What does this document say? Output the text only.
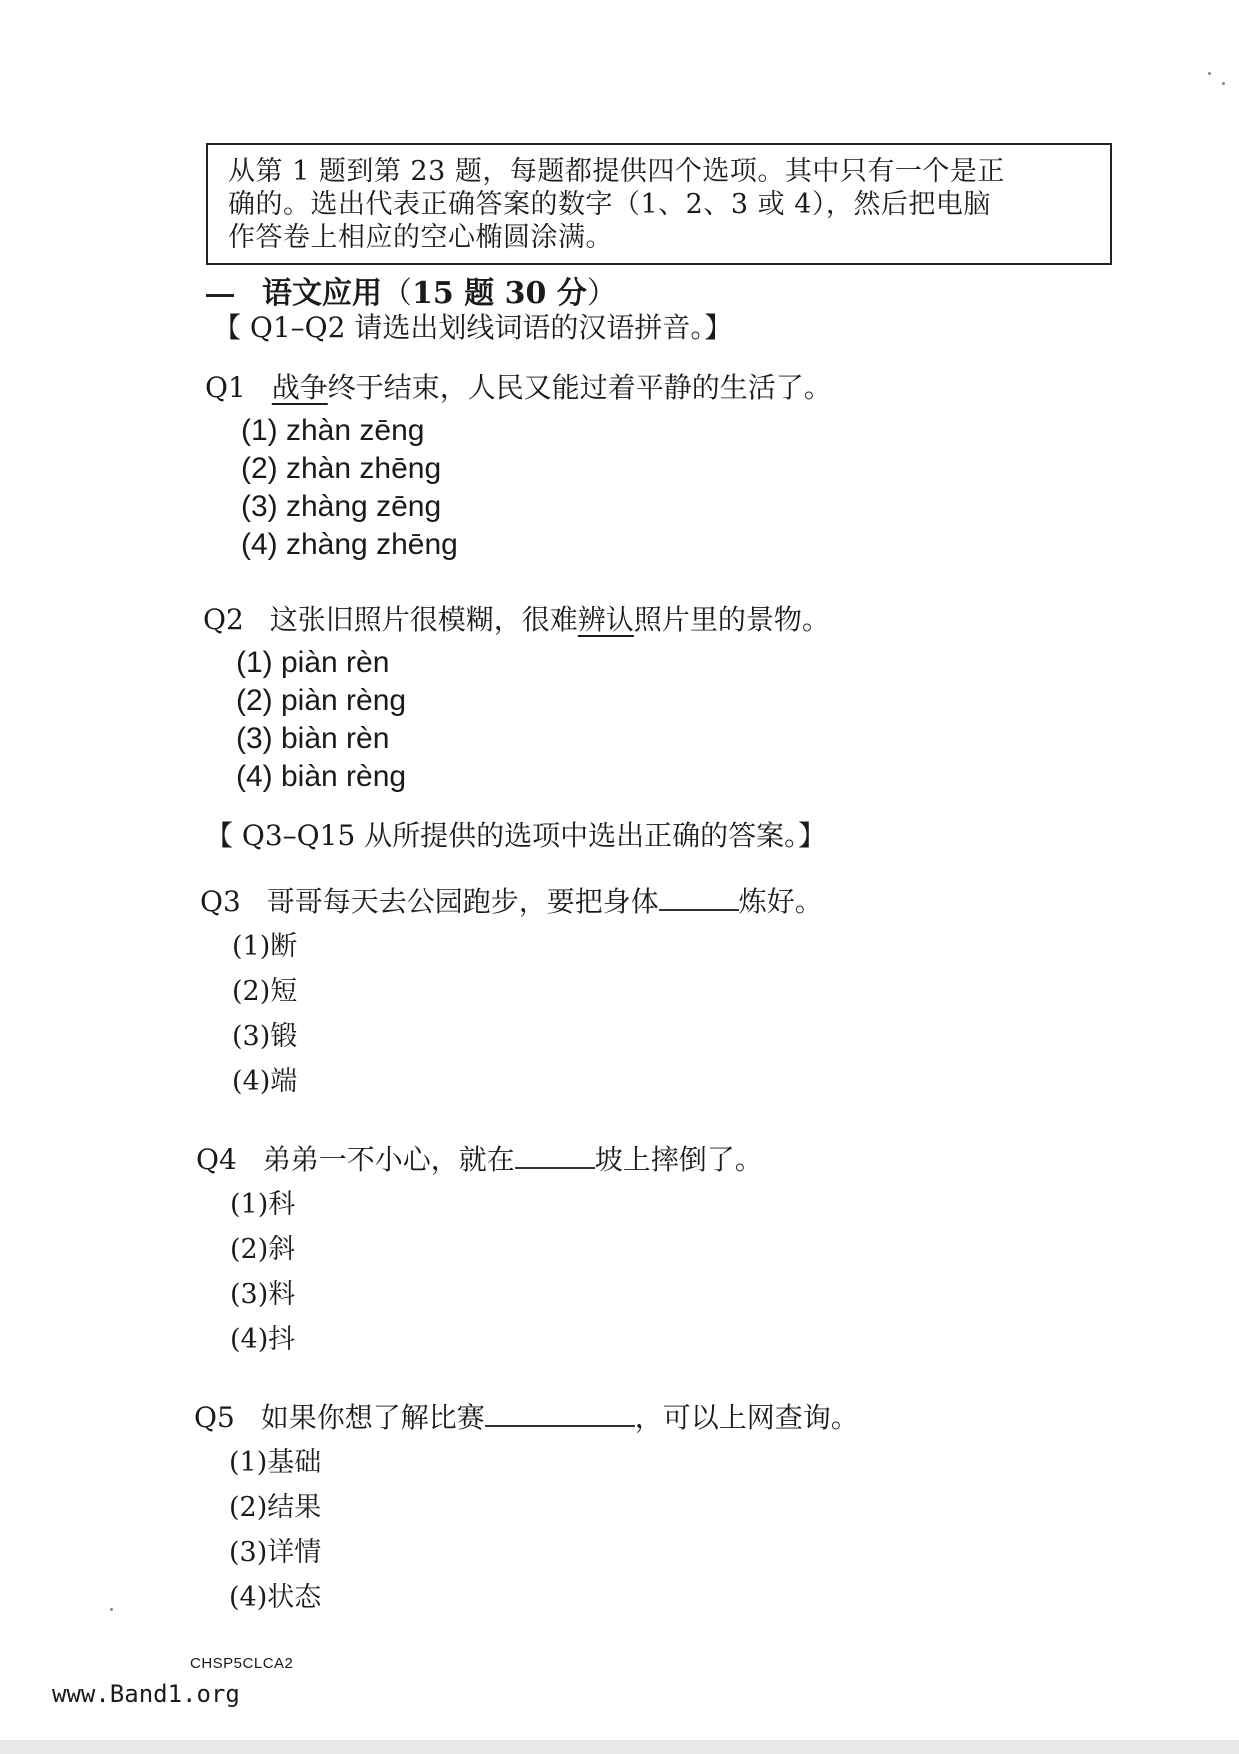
从第 1 题到第 23 题，每题都提供四个选项。其中只有一个是正
确的。选出代表正确答案的数字（1、2、3 或 4），然后把电脑
作答卷上相应的空心椭圆涂满。
语文应用（15 题 30 分）
【 Q1–Q2 请选出划线词语的汉语拼音。】
Q1 战争终于结束，人民又能过着平静的生活了。
(1) zhàn zēng
(2) zhàn zhēng
(3) zhàng zēng
(4) zhàng zhēng
Q2 这张旧照片很模糊，很难辨认照片里的景物。
(1) piàn rèn
(2) piàn rèng
(3) biàn rèn
(4) biàn rèng
【 Q3–Q15 从所提供的选项中选出正确的答案。】
Q3 哥哥每天去公园跑步，要把身体	炼好。
(1)断
(2)短
(3)锻
(4)端
Q4 弟弟一不小心，就在	坡上摔倒了。
(1)科
(2)斜
(3)料
(4)抖
Q5 如果你想了解比赛	，可以上网查询。
(1)基础
(2)结果
(3)详情
(4)状态
CHSP5CLCA2
www.Band1.org
